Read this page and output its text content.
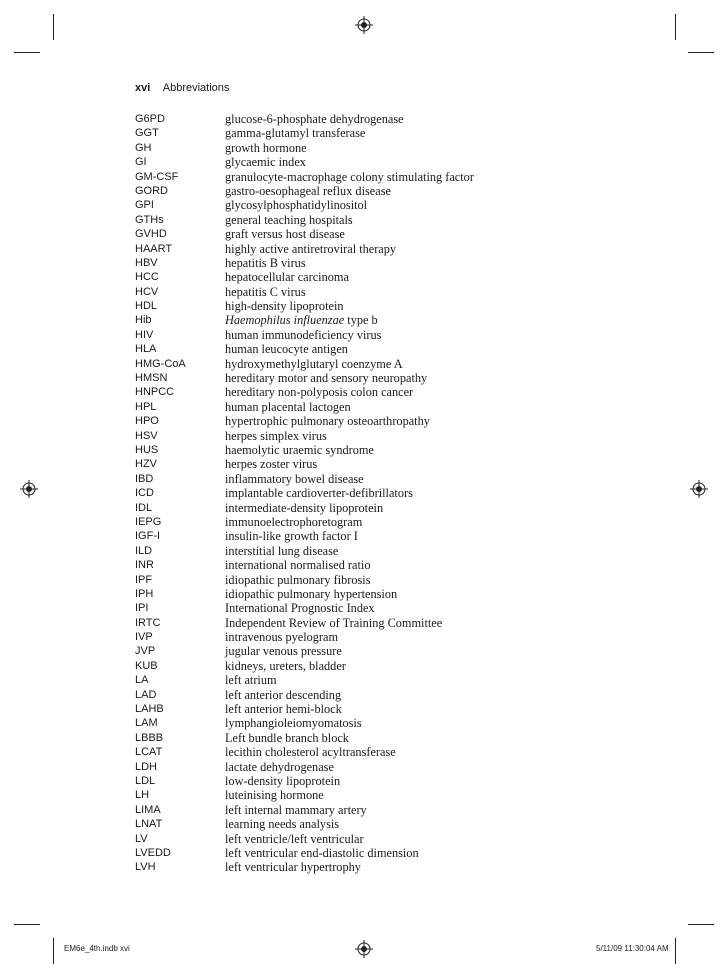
xvi Abbreviations
G6PD	glucose-6-phosphate dehydrogenase
GGT	gamma-glutamyl transferase
GH	growth hormone
GI	glycaemic index
GM-CSF	granulocyte-macrophage colony stimulating factor
GORD	gastro-oesophageal reflux disease
GPI	glycosylphosphatidylinositol
GTHs	general teaching hospitals
GVHD	graft versus host disease
HAART	highly active antiretroviral therapy
HBV	hepatitis B virus
HCC	hepatocellular carcinoma
HCV	hepatitis C virus
HDL	high-density lipoprotein
Hib	Haemophilus influenzae type b
HIV	human immunodeficiency virus
HLA	human leucocyte antigen
HMG-CoA	hydroxymethylglutaryl coenzyme A
HMSN	hereditary motor and sensory neuropathy
HNPCC	hereditary non-polyposis colon cancer
HPL	human placental lactogen
HPO	hypertrophic pulmonary osteoarthropathy
HSV	herpes simplex virus
HUS	haemolytic uraemic syndrome
HZV	herpes zoster virus
IBD	inflammatory bowel disease
ICD	implantable cardioverter-defibrillators
IDL	intermediate-density lipoprotein
IEPG	immunoelectrophoretogram
IGF-I	insulin-like growth factor I
ILD	interstitial lung disease
INR	international normalised ratio
IPF	idiopathic pulmonary fibrosis
IPH	idiopathic pulmonary hypertension
IPI	International Prognostic Index
IRTC	Independent Review of Training Committee
IVP	intravenous pyelogram
JVP	jugular venous pressure
KUB	kidneys, ureters, bladder
LA	left atrium
LAD	left anterior descending
LAHB	left anterior hemi-block
LAM	lymphangioleiomyomatosis
LBBB	Left bundle branch block
LCAT	lecithin cholesterol acyltransferase
LDH	lactate dehydrogenase
LDL	low-density lipoprotein
LH	luteinising hormone
LIMA	left internal mammary artery
LNAT	learning needs analysis
LV	left ventricle/left ventricular
LVEDD	left ventricular end-diastolic dimension
LVH	left ventricular hypertrophy
EM6e_4th.indb xvi	5/11/09 11:30:04 AM
